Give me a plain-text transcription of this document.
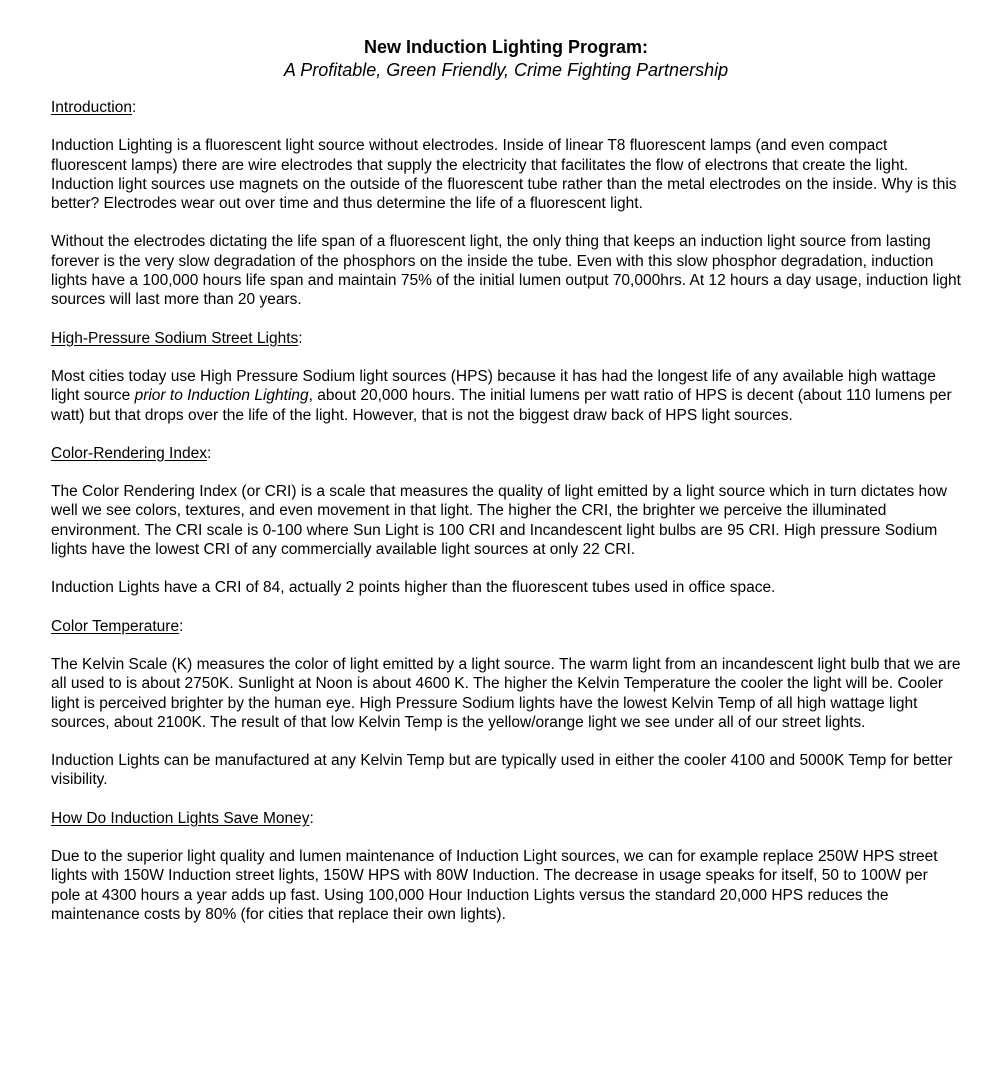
New Induction Lighting Program:

A Profitable, Green Friendly, Crime Fighting Partnership

Introduction:

Induction Lighting is a fluorescent light source without electrodes. Inside of linear T8 fluorescent lamps (and even compact fluorescent lamps) there are wire electrodes that supply the electricity that facilitates the flow of electrons that create the light. Induction light sources use magnets on the outside of the fluorescent tube rather than the metal electrodes on the inside. Why is this better? Electrodes wear out over time and thus determine the life of a fluorescent light.

Without the electrodes dictating the life span of a fluorescent light, the only thing that keeps an induction light source from lasting forever is the very slow degradation of the phosphors on the inside the tube. Even with this slow phosphor degradation, induction lights have a 100,000 hours life span and maintain 75% of the initial lumen output 70,000hrs. At 12 hours a day usage, induction light sources will last more than 20 years.

High-Pressure Sodium Street Lights:

Most cities today use High Pressure Sodium light sources (HPS) because it has had the longest life of any available high wattage light source prior to Induction Lighting, about 20,000 hours. The initial lumens per watt ratio of HPS is decent (about 110 lumens per watt) but that drops over the life of the light. However, that is not the biggest draw back of HPS light sources.

Color-Rendering Index:

The Color Rendering Index (or CRI) is a scale that measures the quality of light emitted by a light source which in turn dictates how well we see colors, textures, and even movement in that light. The higher the CRI, the brighter we perceive the illuminated environment. The CRI scale is 0-100 where Sun Light is 100 CRI and Incandescent light bulbs are 95 CRI. High pressure Sodium lights have the lowest CRI of any commercially available light sources at only 22 CRI.

Induction Lights have a CRI of 84, actually 2 points higher than the fluorescent tubes used in office space.

Color Temperature:

The Kelvin Scale (K) measures the color of light emitted by a light source. The warm light from an incandescent light bulb that we are all used to is about 2750K. Sunlight at Noon is about 4600 K. The higher the Kelvin Temperature the cooler the light will be. Cooler light is perceived brighter by the human eye. High Pressure Sodium lights have the lowest Kelvin Temp of all high wattage light sources, about 2100K. The result of that low Kelvin Temp is the yellow/orange light we see under all of our street lights.

Induction Lights can be manufactured at any Kelvin Temp but are typically used in either the cooler 4100 and 5000K Temp for better visibility.

How Do Induction Lights Save Money:

Due to the superior light quality and lumen maintenance of Induction Light sources, we can for example replace 250W HPS street lights with 150W Induction street lights, 150W HPS with 80W Induction. The decrease in usage speaks for itself, 50 to 100W per pole at 4300 hours a year adds up fast. Using 100,000 Hour Induction Lights versus the standard 20,000 HPS reduces the maintenance costs by 80% (for cities that replace their own lights).
